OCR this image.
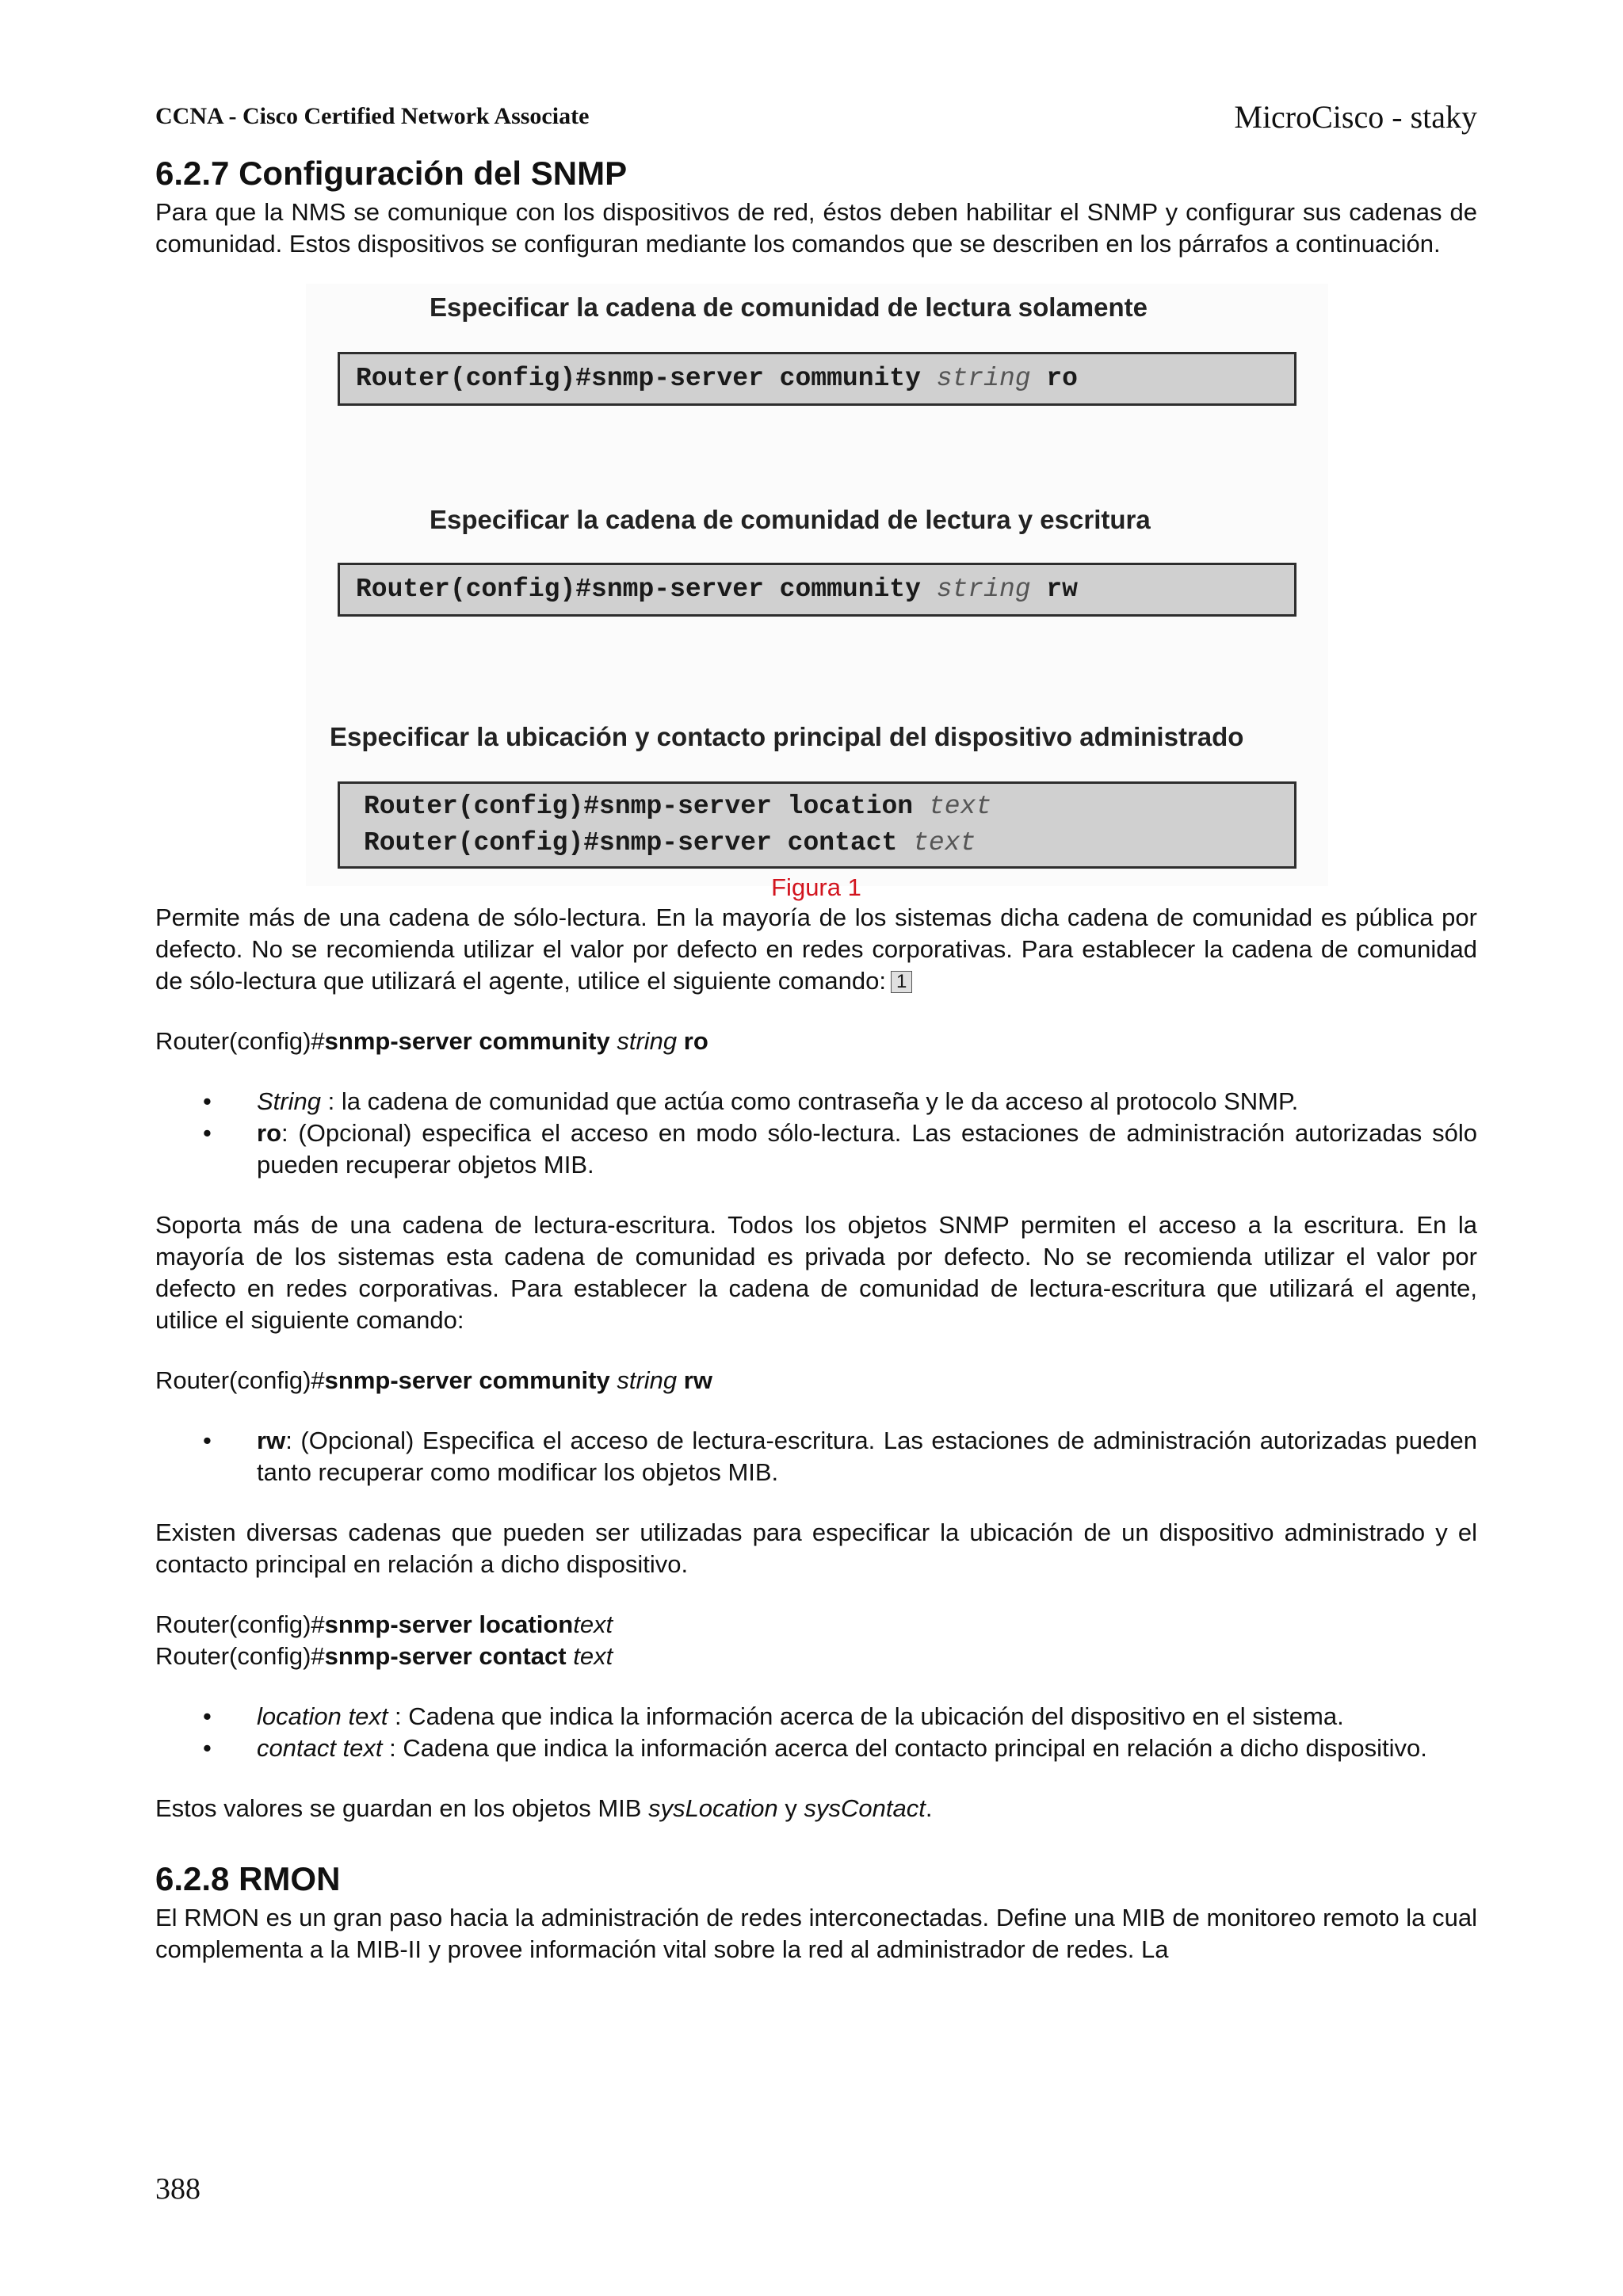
CCNA - Cisco Certified Network Associate	MicroCisco - staky
6.2.7 Configuración del SNMP

Para que la NMS se comunique con los dispositivos de red, éstos deben habilitar el SNMP y configurar sus cadenas de comunidad. Estos dispositivos se configuran mediante los comandos que se describen en los párrafos a continuación.

Especificar la cadena de comunidad de lectura solamente
Router(config)#snmp-server community string ro
Especificar la cadena de comunidad de lectura y escritura
Router(config)#snmp-server community string rw
Especificar la ubicación y contacto principal del dispositivo administrado
Router(config)#snmp-server location text
Router(config)#snmp-server contact text
Figura 1

Permite más de una cadena de sólo-lectura. En la mayoría de los sistemas dicha cadena de comunidad es pública por defecto. No se recomienda utilizar el valor por defecto en redes corporativas. Para establecer la cadena de comunidad de sólo-lectura que utilizará el agente, utilice el siguiente comando: 1

Router(config)#snmp-server community string ro

• String : la cadena de comunidad que actúa como contraseña y le da acceso al protocolo SNMP.
• ro: (Opcional) especifica el acceso en modo sólo-lectura. Las estaciones de administración autorizadas sólo pueden recuperar objetos MIB.

Soporta más de una cadena de lectura-escritura. Todos los objetos SNMP permiten el acceso a la escritura. En la mayoría de los sistemas esta cadena de comunidad es privada por defecto. No se recomienda utilizar el valor por defecto en redes corporativas. Para establecer la cadena de comunidad de lectura-escritura que utilizará el agente, utilice el siguiente comando:

Router(config)#snmp-server community string rw

• rw: (Opcional) Especifica el acceso de lectura-escritura. Las estaciones de administración autorizadas pueden tanto recuperar como modificar los objetos MIB.

Existen diversas cadenas que pueden ser utilizadas para especificar la ubicación de un dispositivo administrado y el contacto principal en relación a dicho dispositivo.

Router(config)#snmp-server locationtext

Router(config)#snmp-server contact text

• location text : Cadena que indica la información acerca de la ubicación del dispositivo en el sistema.
• contact text : Cadena que indica la información acerca del contacto principal en relación a dicho dispositivo.

Estos valores se guardan en los objetos MIB sysLocation y sysContact.

6.2.8 RMON

El RMON es un gran paso hacia la administración de redes interconectadas. Define una MIB de monitoreo remoto la cual complementa a la MIB-II y provee información vital sobre la red al administrador de redes. La

388
